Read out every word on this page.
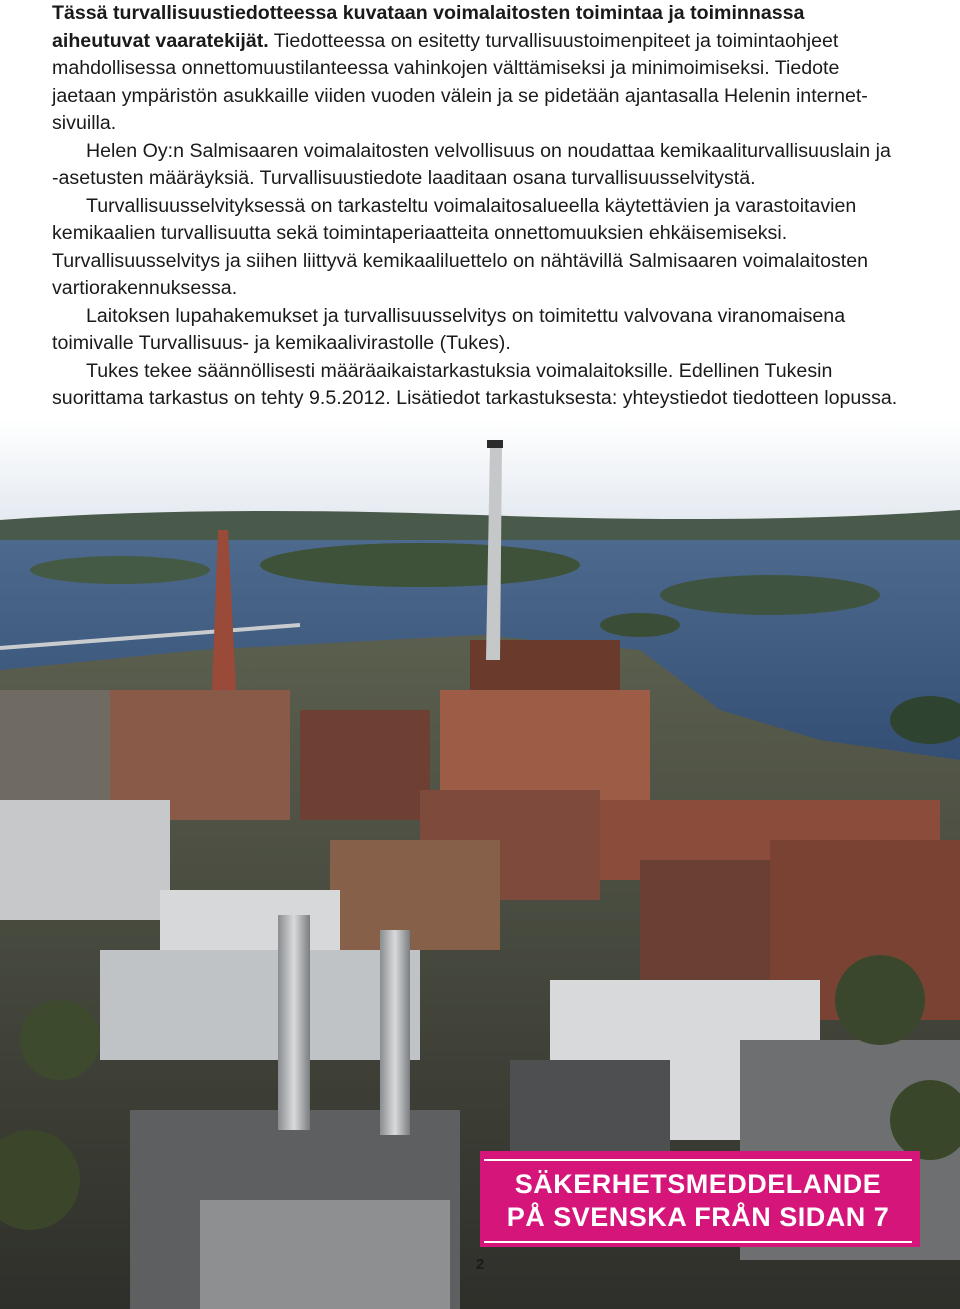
Tässä turvallisuustiedotteessa kuvataan voimalaitosten toimintaa ja toiminnassa aiheutuvat vaaratekijät. Tiedotteessa on esitetty turvallisuustoimenpiteet ja toimintaohjeet mahdollisessa onnettomuustilanteessa vahinkojen välttämiseksi ja minimoimiseksi. Tiedote jaetaan ympäristön asukkaille viiden vuoden välein ja se pidetään ajantasalla Helenin internet-sivuilla.

Helen Oy:n Salmisaaren voimalaitosten velvollisuus on noudattaa kemikaaliturvallisuuslain ja -asetusten määräyksiä. Turvallisuustiedote laaditaan osana turvallisuusselvitystä.

Turvallisuusselvityksessä on tarkasteltu voimalaitosalueella käytettävien ja varastoitavien kemikaalien turvallisuutta sekä toimintaperiaatteita onnettomuuksien ehkäisemiseksi. Turvallisuusselvitys ja siihen liittyvä kemikaaliluettelo on nähtävillä Salmisaaren voimalaitosten vartiorakennuksessa.

Laitoksen lupahakemukset ja turvallisuusselvitys on toimitettu valvovana viranomaisena toimivalle Turvallisuus- ja kemikaalivirastolle (Tukes).

Tukes tekee säännöllisesti määräaikaistarkastuksia voimalaitoksille. Edellinen Tukesin suorittama tarkastus on tehty 9.5.2012. Lisätiedot tarkastuksesta: yhteystiedot tiedotteen lopussa.

SÄKERHETSMEDDELANDE
PÅ SVENSKA FRÅN SIDAN 7
2
